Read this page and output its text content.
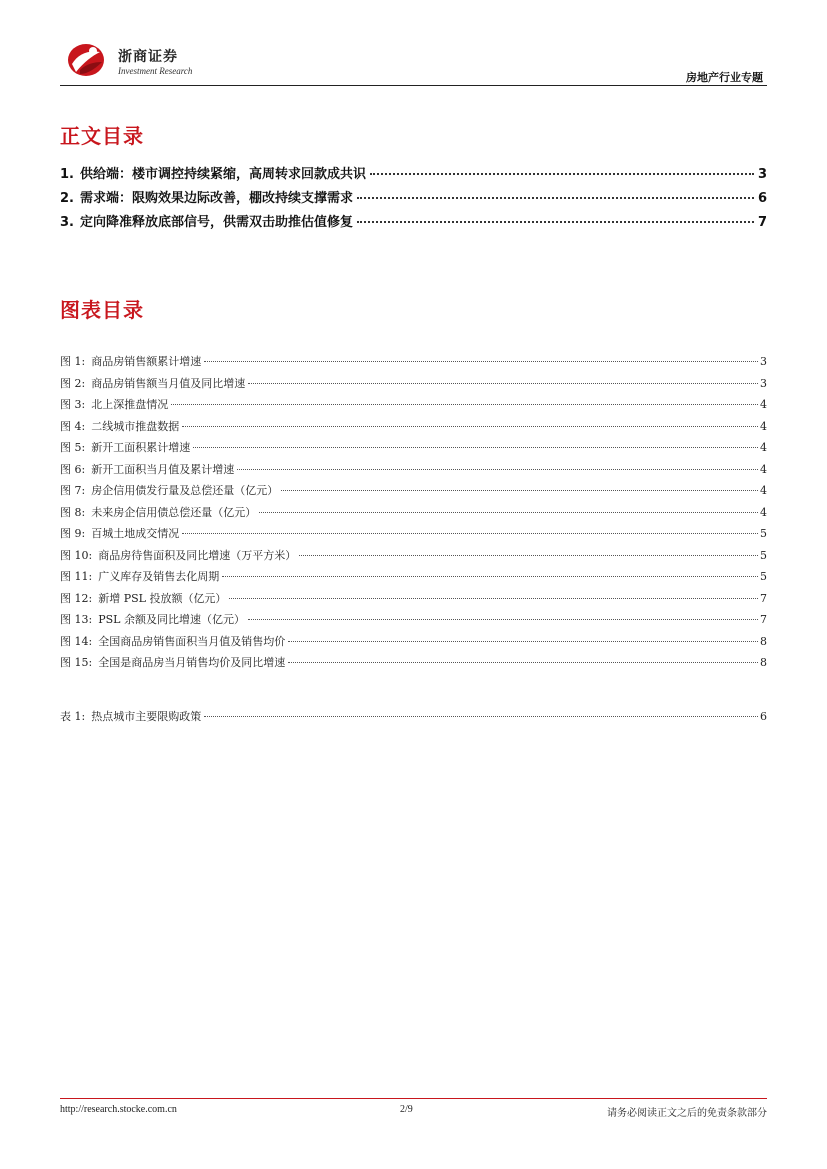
浙商证券
Investment Research	房地产行业专题
正文目录
1. 供给端：楼市调控持续紧缩，高周转求回款成共识	3
2. 需求端：限购效果边际改善，棚改持续支撑需求	6
3. 定向降准释放底部信号，供需双击助推估值修复	7
图表目录
图 1: 商品房销售额累计增速	3
图 2: 商品房销售额当月值及同比增速	3
图 3: 北上深推盘情况	4
图 4: 二线城市推盘数据	4
图 5: 新开工面积累计增速	4
图 6: 新开工面积当月值及累计增速	4
图 7: 房企信用债发行量及总偿还量（亿元）	4
图 8: 未来房企信用债总偿还量（亿元）	4
图 9: 百城土地成交情况	5
图 10: 商品房待售面积及同比增速（万平方米）	5
图 11: 广义库存及销售去化周期	5
图 12: 新增 PSL 投放额（亿元）	7
图 13: PSL 余额及同比增速（亿元）	7
图 14: 全国商品房销售面积当月值及销售均价	8
图 15: 全国是商品房当月销售均价及同比增速	8
表 1: 热点城市主要限购政策	6
http://research.stocke.com.cn	2/9	请务必阅读正文之后的免责条款部分
